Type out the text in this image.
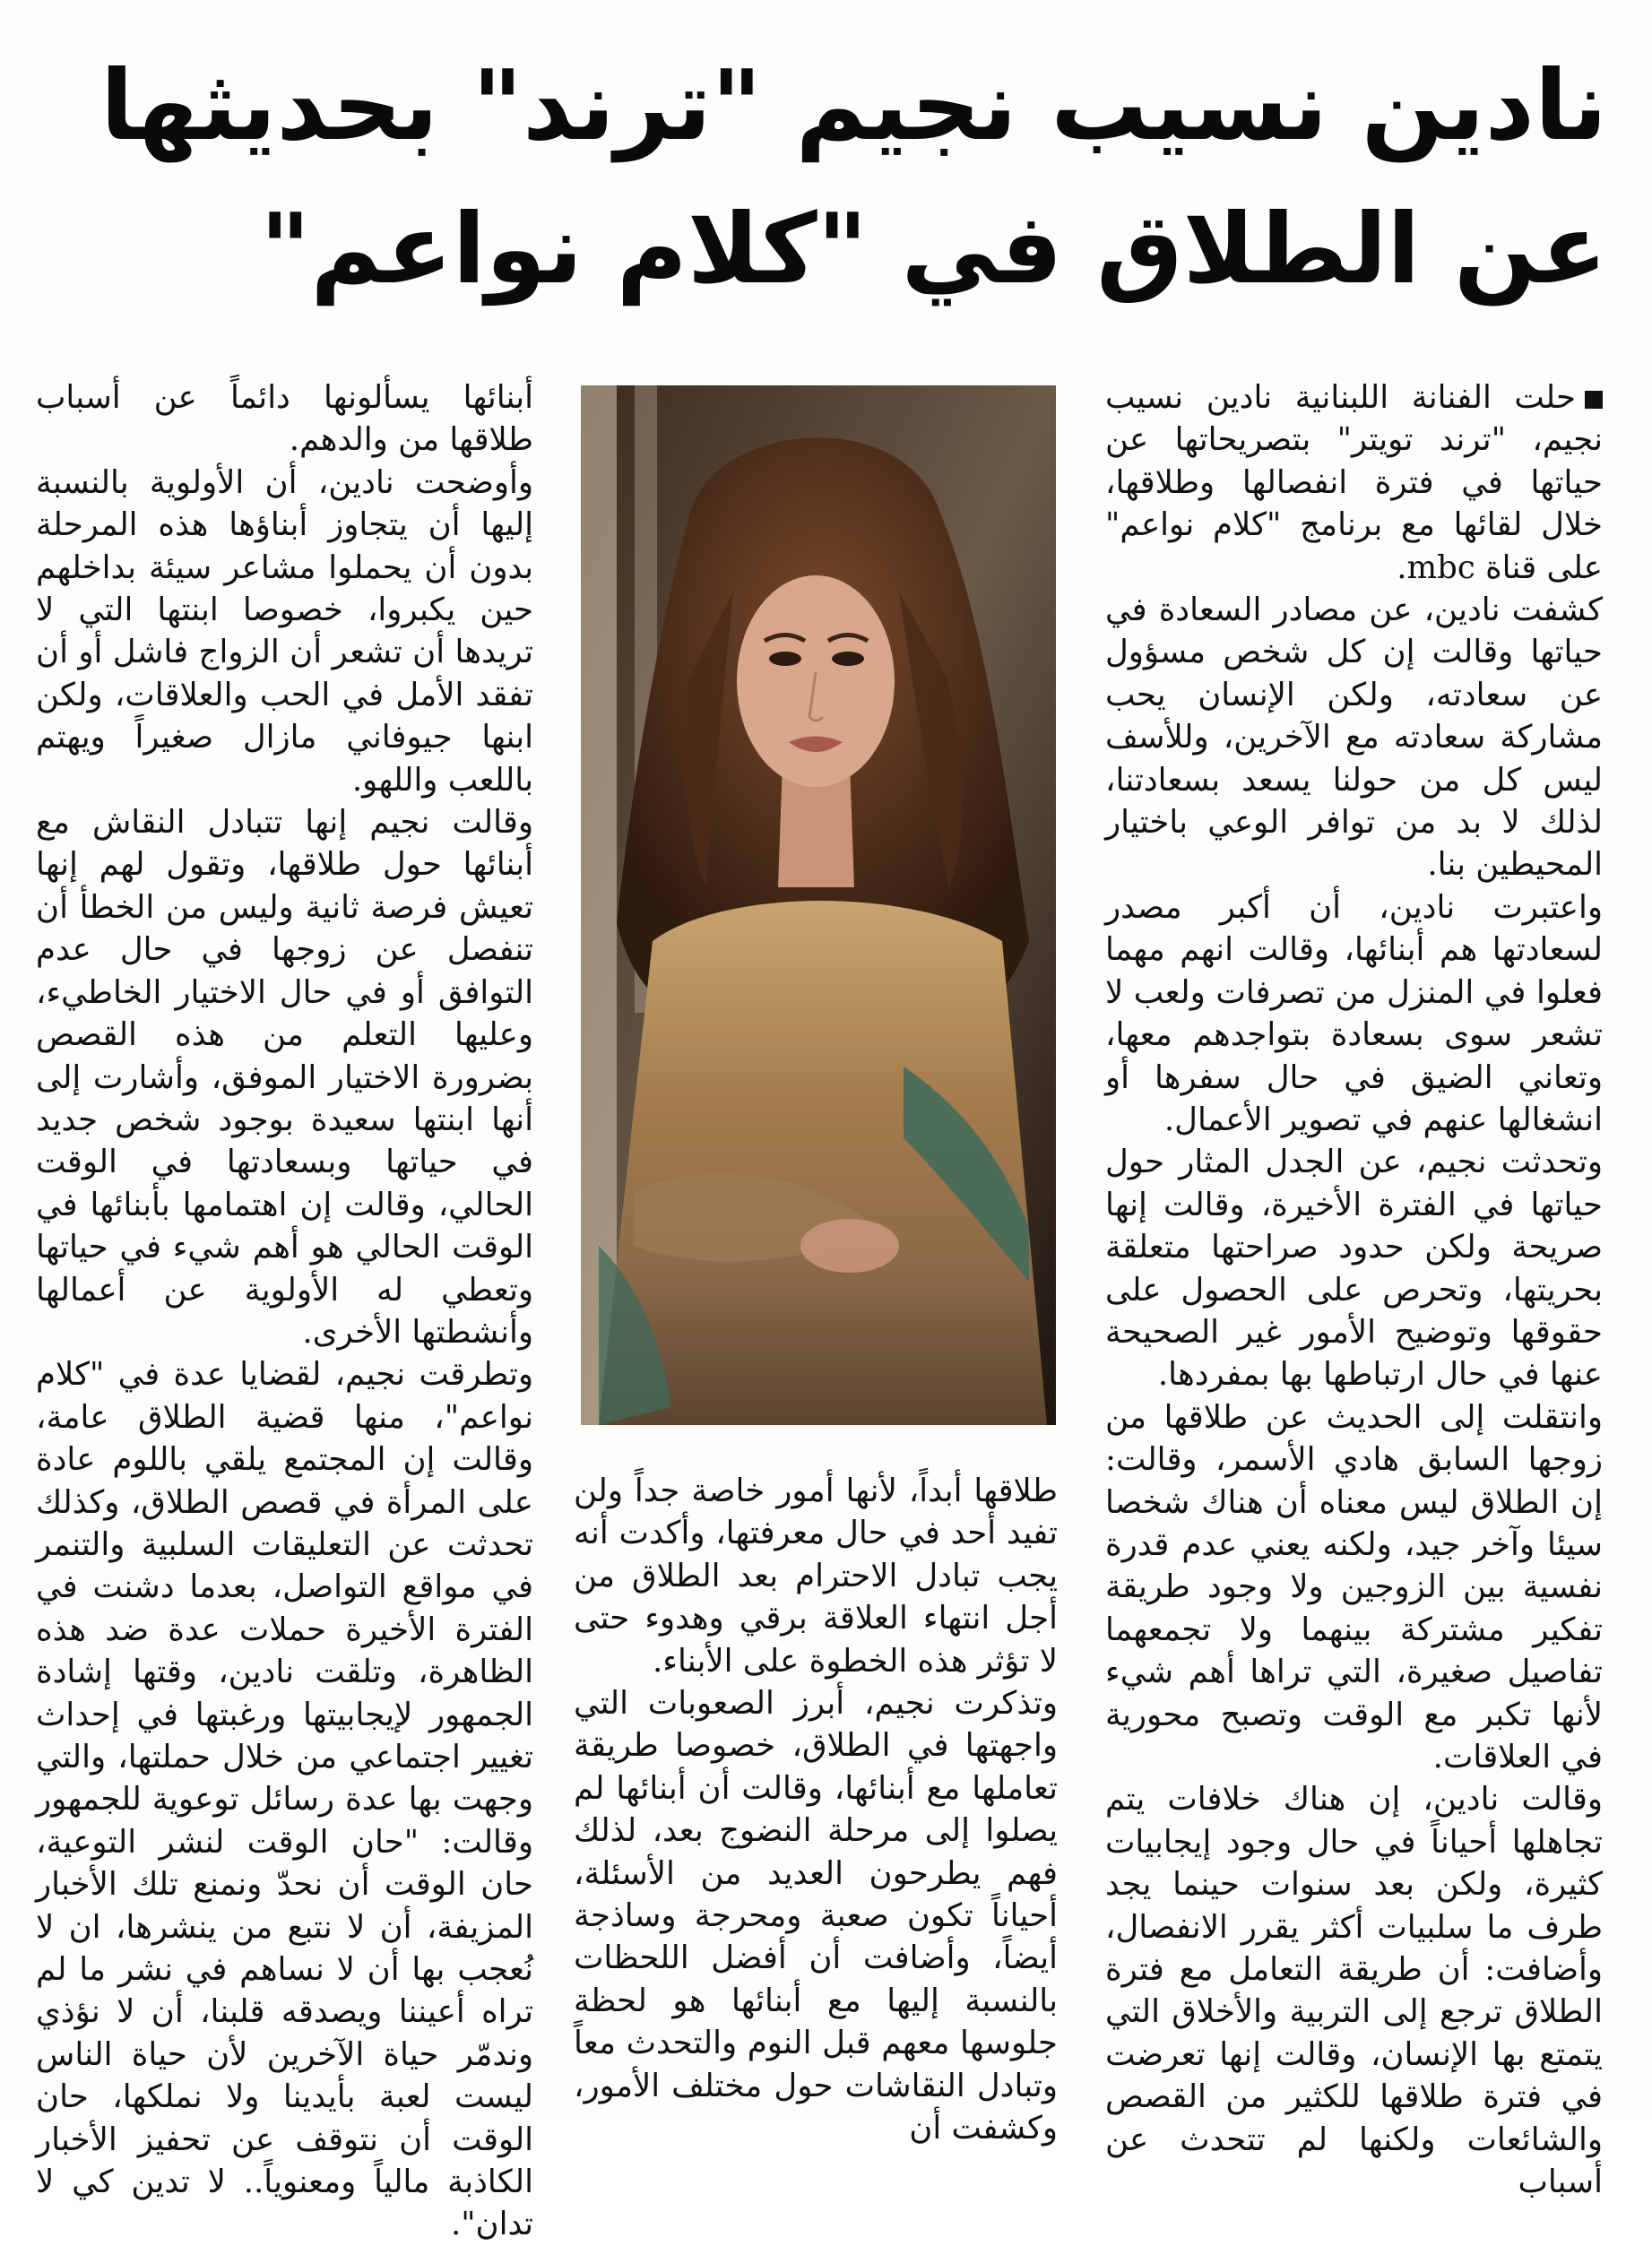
نادين نسيب نجيم "ترند" بحديثها
عن الطلاق في "كلام نواعم"

حلت الفنانة اللبنانية نادين نسيب نجيم، "ترند تويتر" بتصريحاتها عن حياتها في فترة انفصالها وطلاقها، خلال لقائها مع برنامج "كلام نواعم" على قناة mbc.

كشفت نادين، عن مصادر السعادة في حياتها وقالت إن كل شخص مسؤول عن سعادته، ولكن الإنسان يحب مشاركة سعادته مع الآخرين، وللأسف ليس كل من حولنا يسعد بسعادتنا، لذلك لا بد من توافر الوعي باختيار المحيطين بنا.

واعتبرت نادين، أن أكبر مصدر لسعادتها هم أبنائها، وقالت انهم مهما فعلوا في المنزل من تصرفات ولعب لا تشعر سوى بسعادة بتواجدهم معها، وتعاني الضيق في حال سفرها أو انشغالها عنهم في تصوير الأعمال.

وتحدثت نجيم، عن الجدل المثار حول حياتها في الفترة الأخيرة، وقالت إنها صريحة ولكن حدود صراحتها متعلقة بحريتها، وتحرص على الحصول على حقوقها وتوضيح الأمور غير الصحيحة عنها في حال ارتباطها بها بمفردها.

وانتقلت إلى الحديث عن طلاقها من زوجها السابق هادي الأسمر، وقالت: إن الطلاق ليس معناه أن هناك شخصا سيئا وآخر جيد، ولكنه يعني عدم قدرة نفسية بين الزوجين ولا وجود طريقة تفكير مشتركة بينهما ولا تجمعهما تفاصيل صغيرة، التي تراها أهم شيء لأنها تكبر مع الوقت وتصبح محورية في العلاقات.

وقالت نادين، إن هناك خلافات يتم تجاهلها أحياناً في حال وجود إيجابيات كثيرة، ولكن بعد سنوات حينما يجد طرف ما سلبيات أكثر يقرر الانفصال، وأضافت: أن طريقة التعامل مع فترة الطلاق ترجع إلى التربية والأخلاق التي يتمتع بها الإنسان، وقالت إنها تعرضت في فترة طلاقها للكثير من القصص والشائعات ولكنها لم تتحدث عن أسباب

طلاقها أبداً، لأنها أمور خاصة جداً ولن تفيد أحد في حال معرفتها، وأكدت أنه يجب تبادل الاحترام بعد الطلاق من أجل انتهاء العلاقة برقي وهدوء حتى لا تؤثر هذه الخطوة على الأبناء.

وتذكرت نجيم، أبرز الصعوبات التي واجهتها في الطلاق، خصوصا طريقة تعاملها مع أبنائها، وقالت أن أبنائها لم يصلوا إلى مرحلة النضوج بعد، لذلك فهم يطرحون العديد من الأسئلة، أحياناً تكون صعبة ومحرجة وساذجة أيضاً، وأضافت أن أفضل اللحظات بالنسبة إليها مع أبنائها هو لحظة جلوسها معهم قبل النوم والتحدث معاً وتبادل النقاشات حول مختلف الأمور، وكشفت أن

أبنائها يسألونها دائماً عن أسباب طلاقها من والدهم.

وأوضحت نادين، أن الأولوية بالنسبة إليها أن يتجاوز أبناؤها هذه المرحلة بدون أن يحملوا مشاعر سيئة بداخلهم حين يكبروا، خصوصا ابنتها التي لا تريدها أن تشعر أن الزواج فاشل أو أن تفقد الأمل في الحب والعلاقات، ولكن ابنها جيوفاني مازال صغيراً ويهتم باللعب واللهو.

وقالت نجيم إنها تتبادل النقاش مع أبنائها حول طلاقها، وتقول لهم إنها تعيش فرصة ثانية وليس من الخطأ أن تنفصل عن زوجها في حال عدم التوافق أو في حال الاختيار الخاطيء، وعليها التعلم من هذه القصص بضرورة الاختيار الموفق، وأشارت إلى أنها ابنتها سعيدة بوجود شخص جديد في حياتها وبسعادتها في الوقت الحالي، وقالت إن اهتمامها بأبنائها في الوقت الحالي هو أهم شيء في حياتها وتعطي له الأولوية عن أعمالها وأنشطتها الأخرى.

وتطرقت نجيم، لقضايا عدة في "كلام نواعم"، منها قضية الطلاق عامة، وقالت إن المجتمع يلقي باللوم عادة على المرأة في قصص الطلاق، وكذلك تحدثت عن التعليقات السلبية والتنمر في مواقع التواصل، بعدما دشنت في الفترة الأخيرة حملات عدة ضد هذه الظاهرة، وتلقت نادين، وقتها إشادة الجمهور لإيجابيتها ورغبتها في إحداث تغيير اجتماعي من خلال حملتها، والتي وجهت بها عدة رسائل توعوية للجمهور وقالت: "حان الوقت لنشر التوعية، حان الوقت أن نحدّ ونمنع تلك الأخبار المزيفة، أن لا نتبع من ينشرها، ان لا نُعجب بها أن لا نساهم في نشر ما لم تراه أعيننا ويصدقه قلبنا، أن لا نؤذي وندمّر حياة الآخرين لأن حياة الناس ليست لعبة بأيدينا ولا نملكها، حان الوقت أن نتوقف عن تحفيز الأخبار الكاذبة مالياً ومعنوياً.. لا تدين كي لا تدان".
